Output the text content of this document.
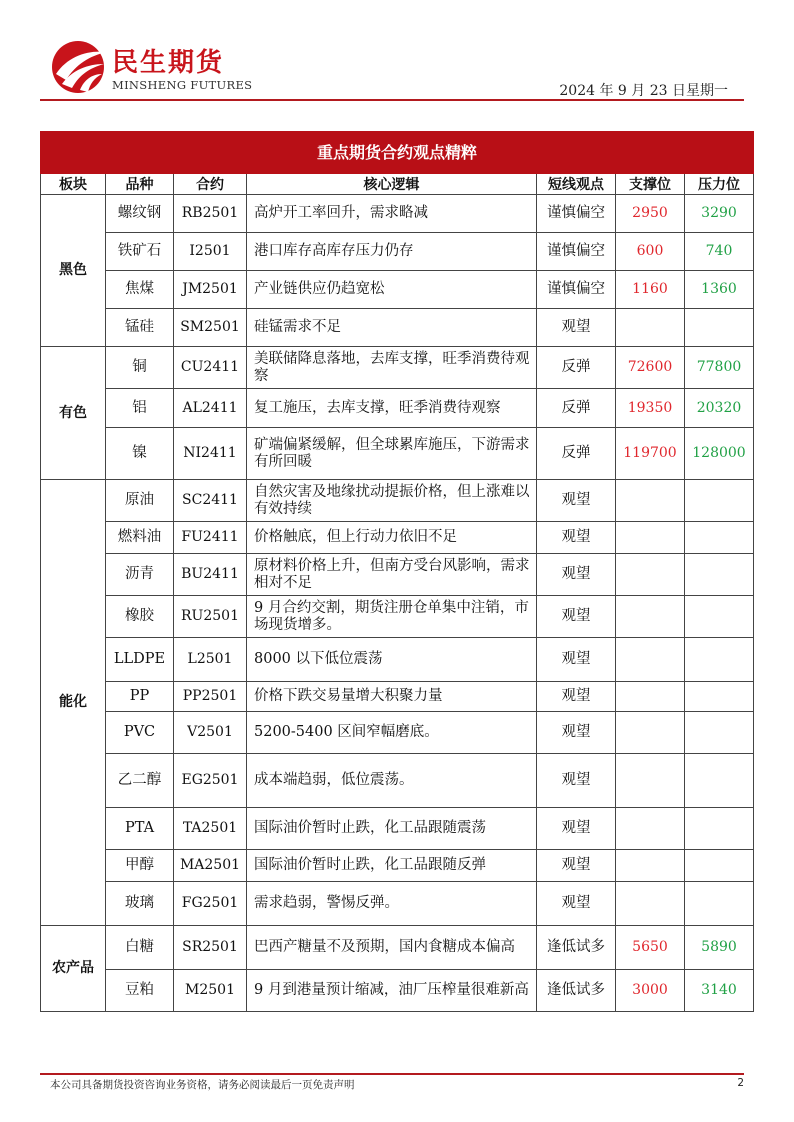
民生期货
MINSHENG FUTURES	2024 年 9 月 23 日星期一
重点期货合约观点精粹						
板块	品种	合约	核心逻辑	短线观点	支撑位	压力位
黑色	螺纹钢	RB2501	高炉开工率回升，需求略减	谨慎偏空	2950	3290
	铁矿石	I2501	港口库存高库存压力仍存	谨慎偏空	600	740
	焦煤	JM2501	产业链供应仍趋宽松	谨慎偏空	1160	1360
	锰硅	SM2501	硅锰需求不足	观望		
有色	铜	CU2411	美联储降息落地，去库支撑，旺季消费待观察	反弹	72600	77800
	铝	AL2411	复工施压，去库支撑，旺季消费待观察	反弹	19350	20320
	镍	NI2411	矿端偏紧缓解，但全球累库施压，下游需求有所回暖	反弹	119700	128000
能化	原油	SC2411	自然灾害及地缘扰动提振价格，但上涨难以有效持续	观望		
	燃料油	FU2411	价格触底，但上行动力依旧不足	观望		
	沥青	BU2411	原材料价格上升，但南方受台风影响，需求相对不足	观望		
	橡胶	RU2501	9 月合约交割，期货注册仓单集中注销，市场现货增多。	观望		
	LLDPE	L2501	8000 以下低位震荡	观望		
	PP	PP2501	价格下跌交易量增大积聚力量	观望		
	PVC	V2501	5200-5400 区间窄幅磨底。	观望		
	乙二醇	EG2501	成本端趋弱，低位震荡。	观望		
	PTA	TA2501	国际油价暂时止跌，化工品跟随震荡	观望		
	甲醇	MA2501	国际油价暂时止跌，化工品跟随反弹	观望		
	玻璃	FG2501	需求趋弱，警惕反弹。	观望		
农产品	白糖	SR2501	巴西产糖量不及预期，国内食糖成本偏高	逢低试多	5650	5890
	豆粕	M2501	9 月到港量预计缩减，油厂压榨量很难新高	逢低试多	3000	3140
本公司具备期货投资咨询业务资格，请务必阅读最后一页免责声明	2
